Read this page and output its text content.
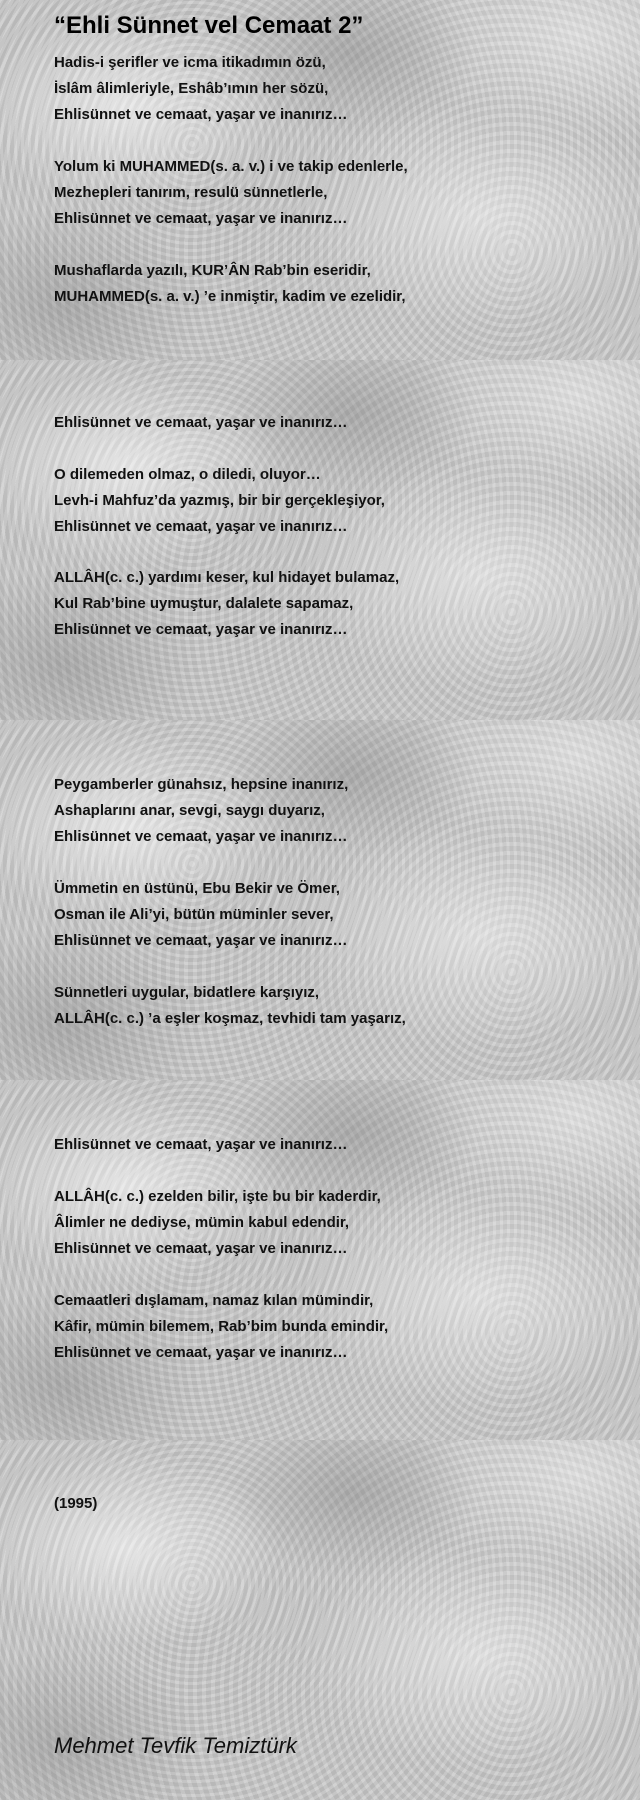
“Ehli Sünnet vel Cemaat 2”
Hadis-i şerifler ve icma itikadımın özü,
İslâm âlimleriyle, Eshâb’ımın her sözü,
Ehlisünnet ve cemaat, yaşar ve inanırız…
Yolum ki MUHAMMED(s. a. v.) i ve takip edenlerle,
Mezhepleri tanırım, resulü sünnetlerle,
Ehlisünnet ve cemaat, yaşar ve inanırız…
Mushaflarda yazılı, KUR’ÂN Rab’bin eseridir,
MUHAMMED(s. a. v.) ’e inmiştir, kadim ve ezelidir,
Ehlisünnet ve cemaat, yaşar ve inanırız…
O dilemeden olmaz, o diledi, oluyor…
Levh-i Mahfuz’da yazmış, bir bir gerçekleşiyor,
Ehlisünnet ve cemaat, yaşar ve inanırız…
ALLÂH(c. c.) yardımı keser, kul hidayet bulamaz,
Kul Rab’bine uymuştur, dalalete sapamaz,
Ehlisünnet ve cemaat, yaşar ve inanırız…
Peygamberler günahsız, hepsine inanırız,
Ashaplarını anar, sevgi, saygı duyarız,
Ehlisünnet ve cemaat, yaşar ve inanırız…
Ümmetin en üstünü, Ebu Bekir ve Ömer,
Osman ile Ali’yi, bütün müminler sever,
Ehlisünnet ve cemaat, yaşar ve inanırız…
Sünnetleri uygular, bidatlere karşıyız,
ALLÂH(c. c.) ’a eşler koşmaz, tevhidi tam yaşarız,
Ehlisünnet ve cemaat, yaşar ve inanırız…
ALLÂH(c. c.) ezelden bilir, işte bu bir kaderdir,
Âlimler ne dediyse, mümin kabul edendir,
Ehlisünnet ve cemaat, yaşar ve inanırız…
Cemaatleri dışlamam, namaz kılan mümindir,
Kâfir, mümin bilemem, Rab’bim bunda emindir,
Ehlisünnet ve cemaat, yaşar ve inanırız…
(1995)
Mehmet Tevfik Temiztürk
